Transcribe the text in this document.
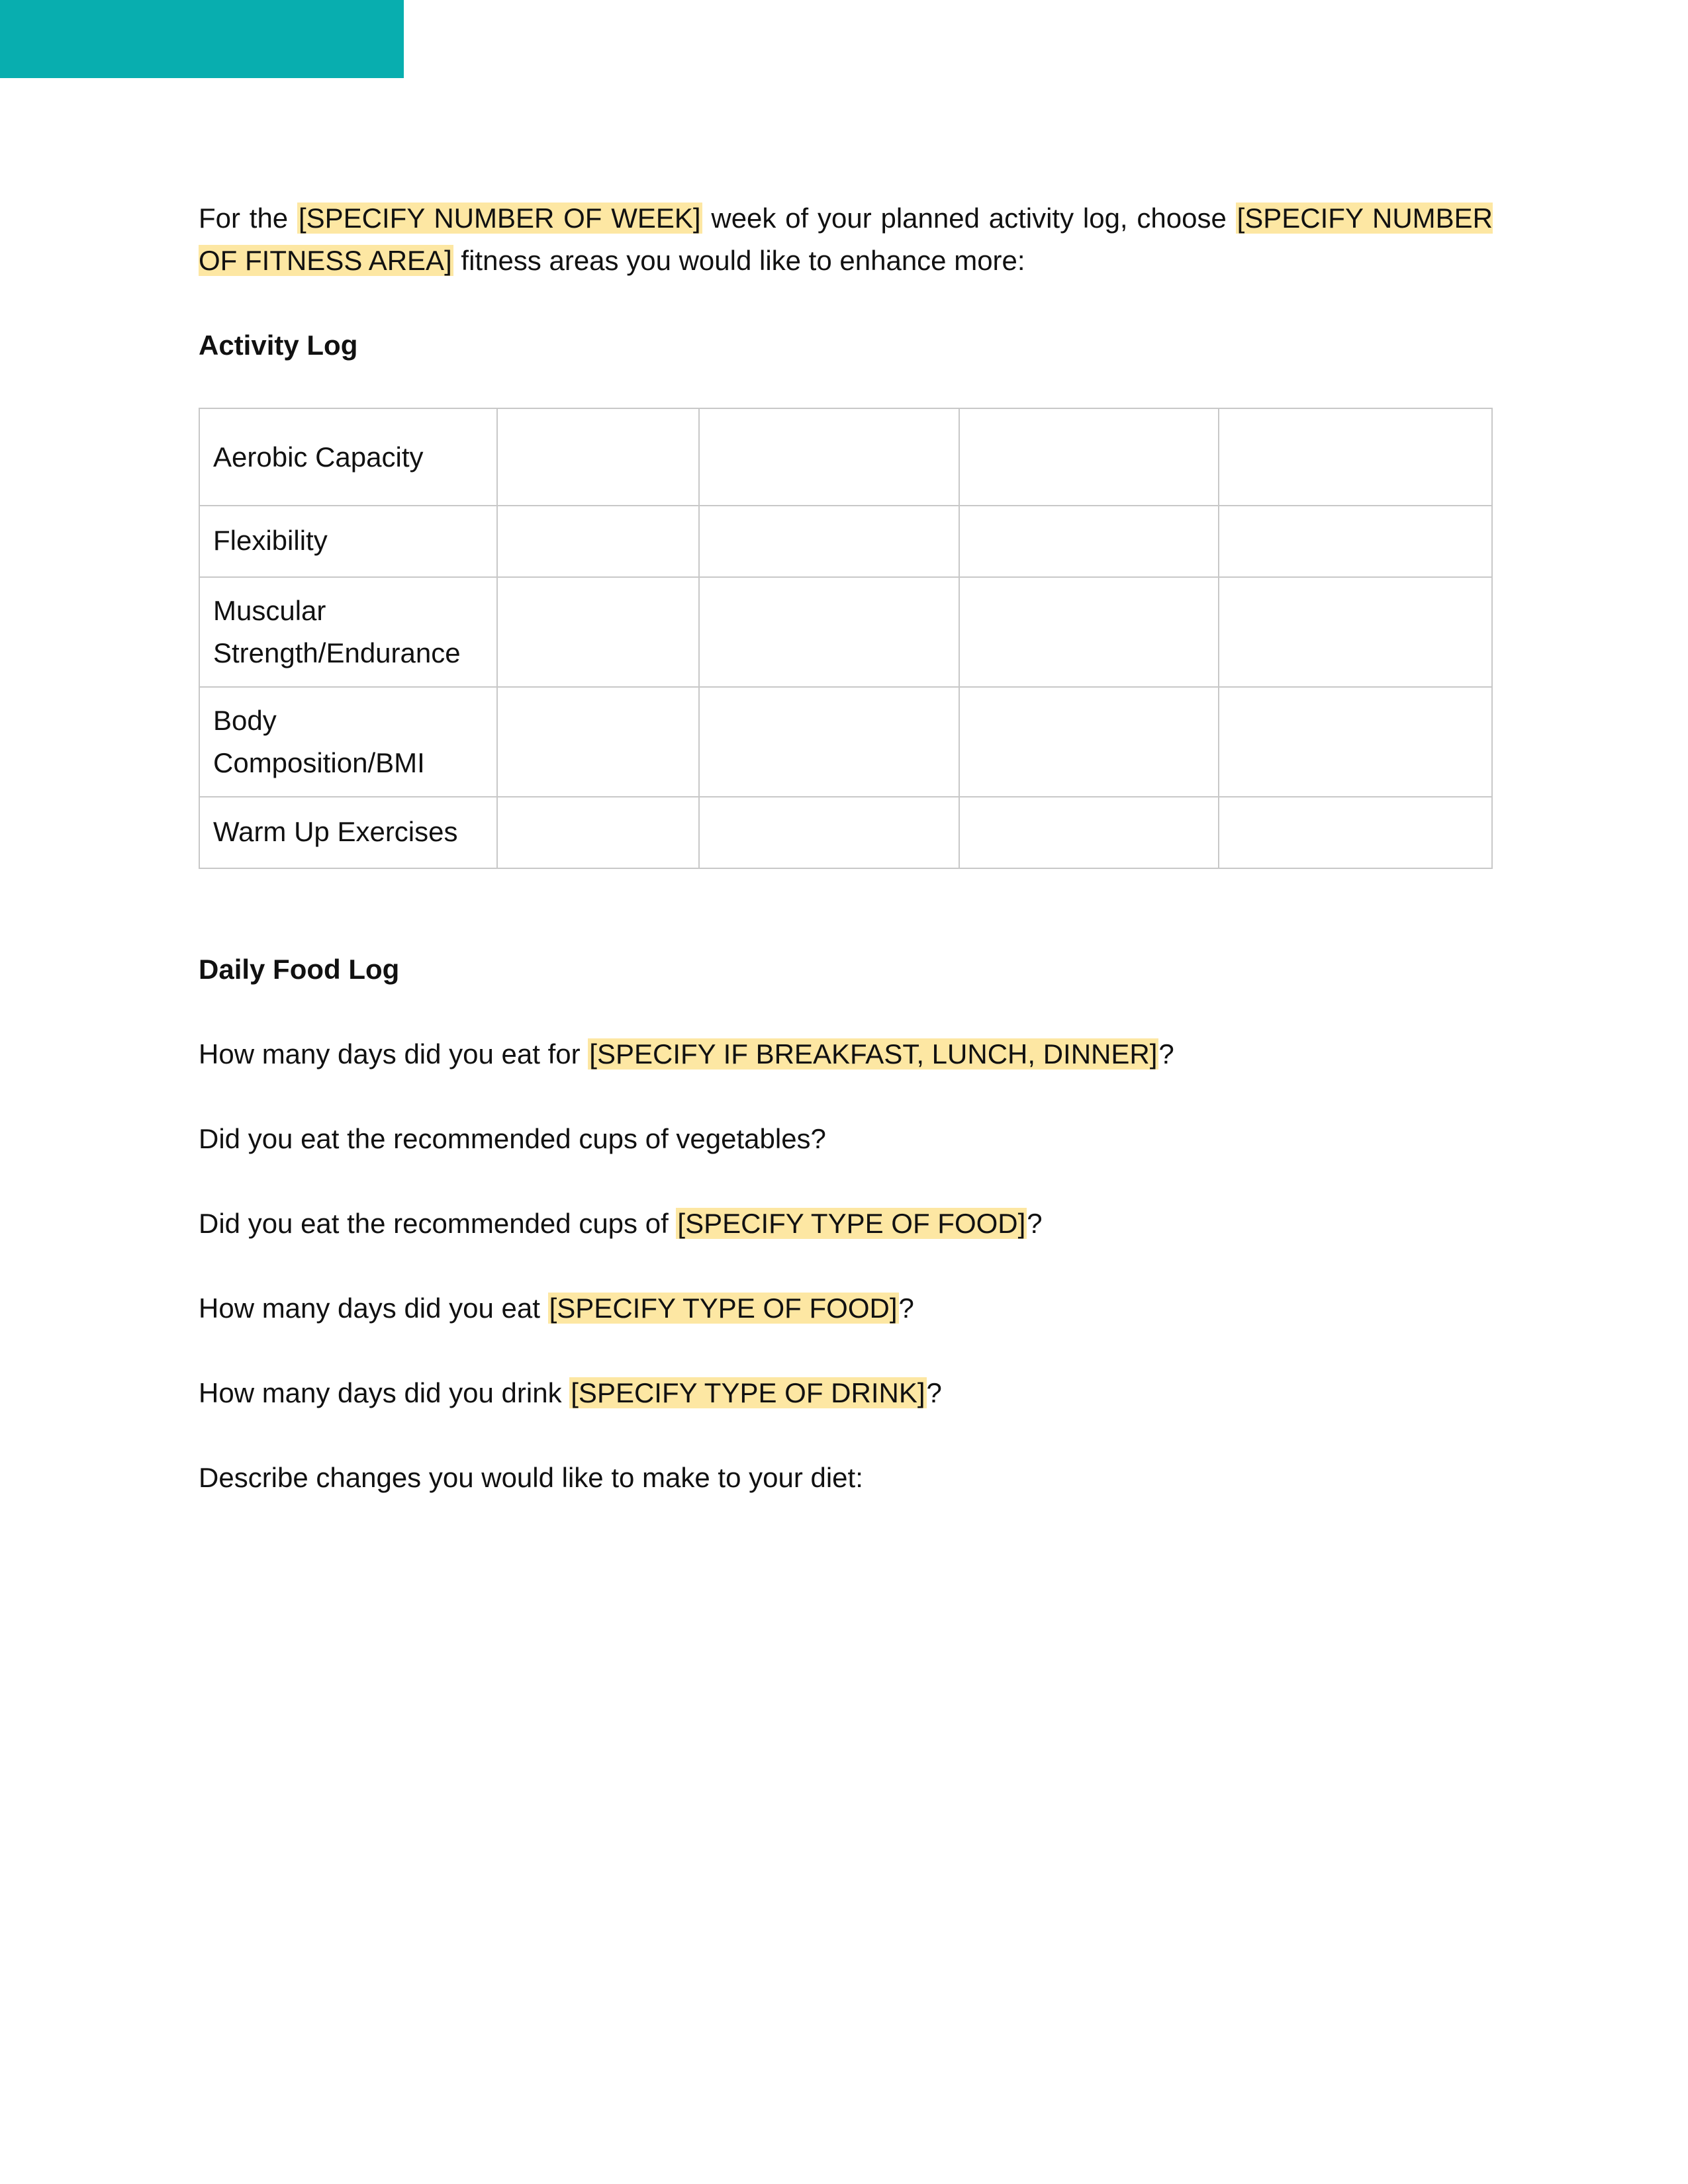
For the [SPECIFY NUMBER OF WEEK] week of your planned activity log, choose [SPECIFY NUMBER OF FITNESS AREA] fitness areas you would like to enhance more:

Activity Log
Aerobic Capacity				
Flexibility				
Muscular Strength/Endurance				
Body Composition/BMI				
Warm Up Exercises				
Daily Food Log

How many days did you eat for [SPECIFY IF BREAKFAST, LUNCH, DINNER]?

Did you eat the recommended cups of vegetables?

Did you eat the recommended cups of [SPECIFY TYPE OF FOOD]?

How many days did you eat [SPECIFY TYPE OF FOOD]?

How many days did you drink [SPECIFY TYPE OF DRINK]?

Describe changes you would like to make to your diet:
